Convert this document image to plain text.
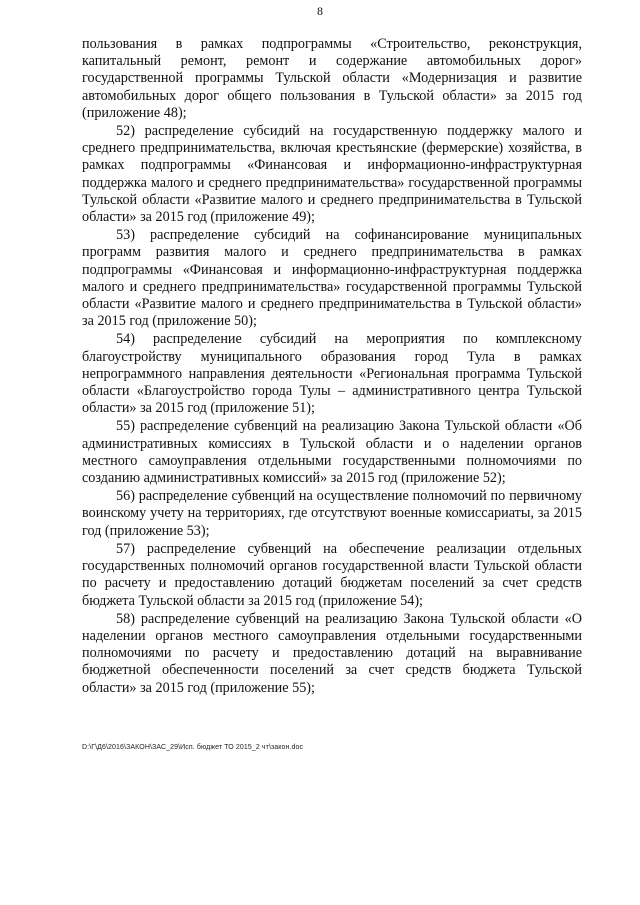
8

пользования в рамках подпрограммы «Строительство, реконструкция, капитальный ремонт, ремонт и содержание автомобильных дорог» государственной программы Тульской области «Модернизация и развитие автомобильных дорог общего пользования в Тульской области» за 2015 год (приложение 48);

52) распределение субсидий на государственную поддержку малого и среднего предпринимательства, включая крестьянские (фермерские) хозяйства, в рамках подпрограммы «Финансовая и информационно-инфраструктурная поддержка малого и среднего предпринимательства» государственной программы Тульской области «Развитие малого и среднего предпринимательства в Тульской области» за 2015 год (приложение 49);

53) распределение субсидий на софинансирование муниципальных программ развития малого и среднего предпринимательства в рамках подпрограммы «Финансовая и информационно-инфраструктурная поддержка малого и среднего предпринимательства» государственной программы Тульской области «Развитие малого и среднего предпринимательства в Тульской области» за 2015 год (приложение 50);

54) распределение субсидий на мероприятия по комплексному благоустройству муниципального образования город Тула в рамках непрограммного направления деятельности «Региональная программа Тульской области «Благоустройство города Тулы – административного центра Тульской области» за 2015 год (приложение 51);

55) распределение субвенций на реализацию Закона Тульской области «Об административных комиссиях в Тульской области и о наделении органов местного самоуправления отдельными государственными полномочиями по созданию административных комиссий» за 2015 год (приложение 52);

56) распределение субвенций на осуществление полномочий по первичному воинскому учету на территориях, где отсутствуют военные комиссариаты, за 2015 год (приложение 53);

57) распределение субвенций на обеспечение реализации отдельных государственных полномочий органов государственной власти Тульской области по расчету и предоставлению дотаций бюджетам поселений за счет средств бюджета Тульской области за 2015 год (приложение 54);

58) распределение субвенций на реализацию Закона Тульской области «О наделении органов местного самоуправления отдельными государственными полномочиями по расчету и предоставлению дотаций на выравнивание бюджетной обеспеченности поселений за счет средств бюджета Тульской области» за 2015 год (приложение 55);

D:\Г\Д6\2016\ЗАКОН\ЗАС_29\Исп. бюджет ТО 2015_2 чт\закон.doc
